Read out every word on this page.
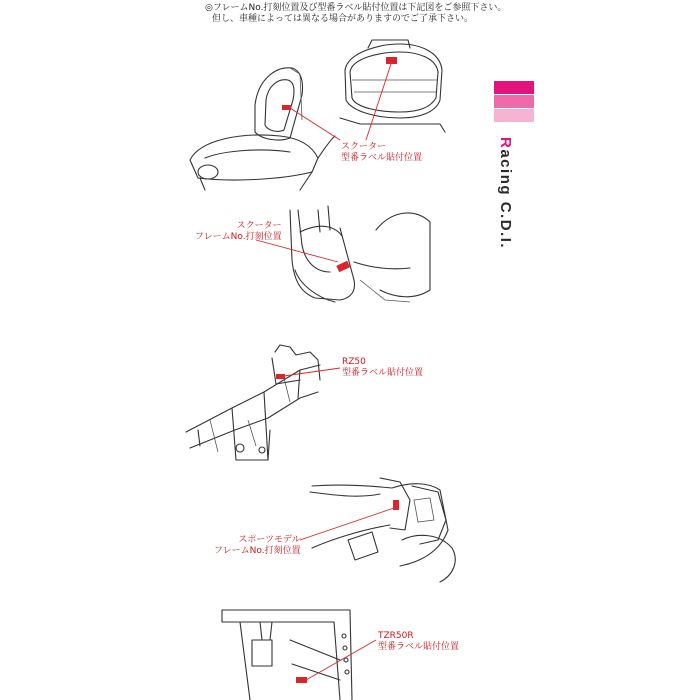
◎フレームNo.打刻位置及び型番ラベル貼付位置は下記図をご参照下さい。
但し、車種によっては異なる場合がありますのでご了承下さい。
Racing C.D.I.
スクーター
型番ラベル貼付位置
スクーター
フレームNo.打刻位置
RZ50
型番ラベル貼付位置
スポーツモデル
フレームNo.打刻位置
TZR50R
型番ラベル貼付位置
